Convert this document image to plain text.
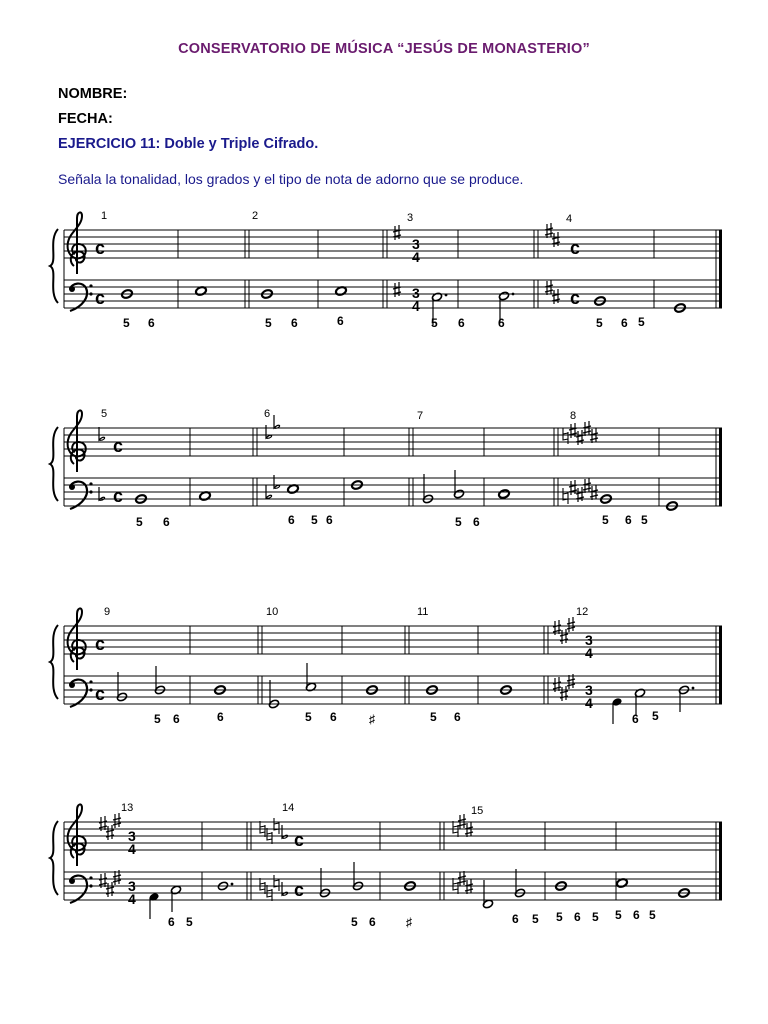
CONSERVATORIO DE MÚSICA “JESÚS DE MONASTERIO”
NOMBRE:
FECHA:
EJERCICIO 11: Doble y Triple Cifrado.
Señala la tonalidad, los grados y el tipo de nota de adorno que se produce.
c
c
3
4
3
4
c
c
c
c
c
c
3
4
3
4
3
4
3
4
c
c
1
5 6
2
5 6	6
3
5 6	6
4
5 6 5
5
5 6
6
6 5 6
7
5 6
8
5 6 5
9
5 6	6
10
5 6	♯
11
5 6
12
6 5
13
6 5
14
5 6	♯
15
6 5 5 6 5 5 6 5
